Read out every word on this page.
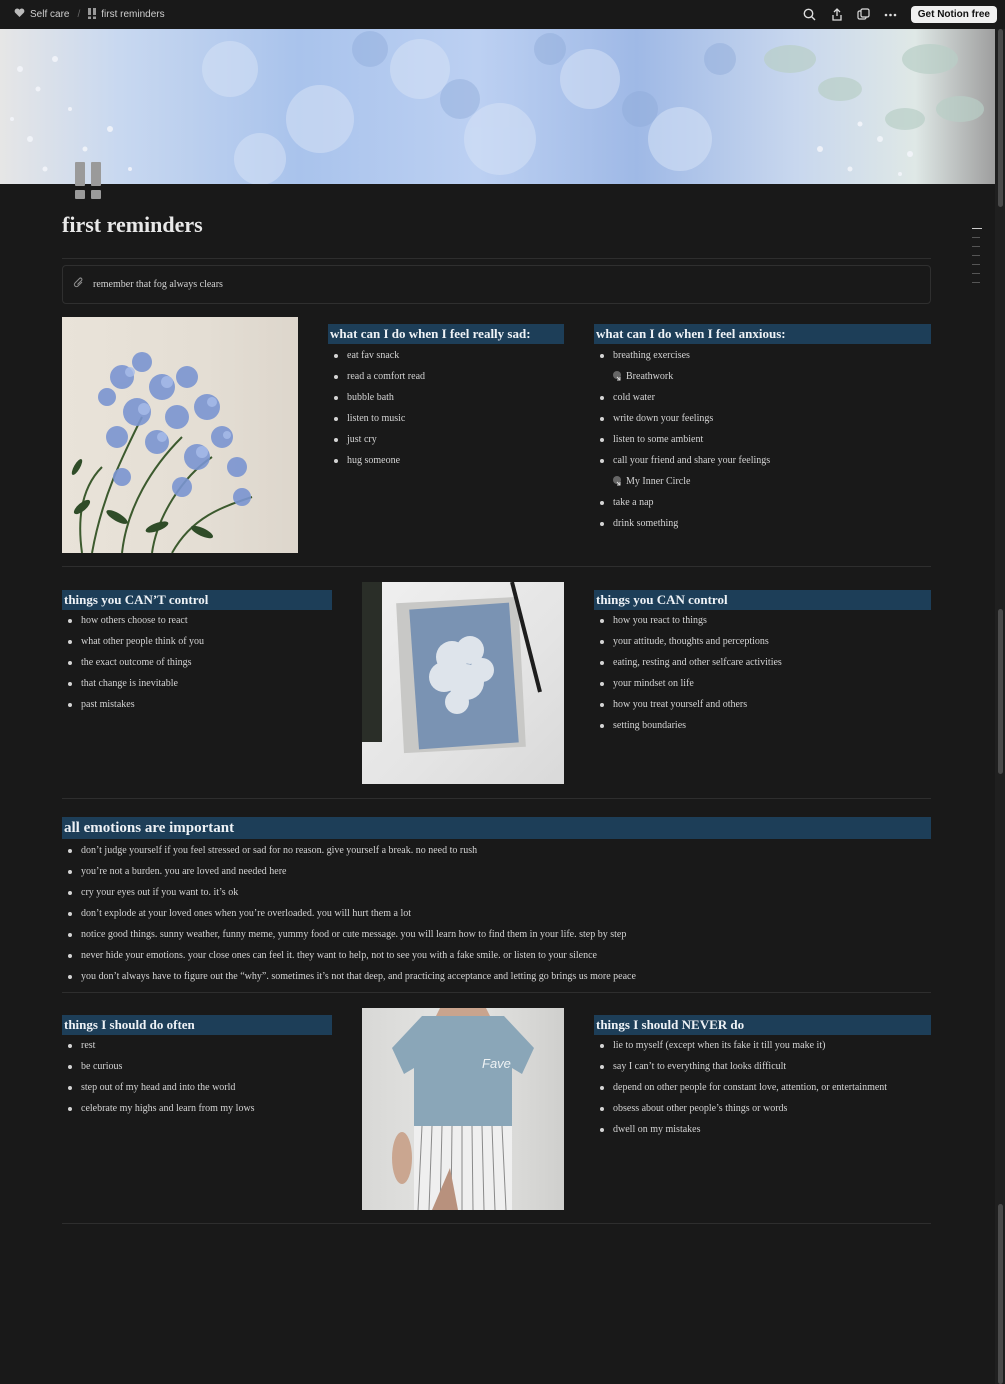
Self care / first reminders	Get Notion free
first reminders
remember that fog always clears
what can I do when I feel really sad:
eat fav snack
read a comfort read
bubble bath
listen to music
just cry
hug someone
what can I do when I feel anxious:
breathing exercises
Breathwork
cold water
write down your feelings
listen to some ambient
call your friend and share your feelings
My Inner Circle
take a nap
drink something
things you CAN’T control
how others choose to react
what other people think of you
the exact outcome of things
that change is inevitable
past mistakes
things you CAN control
how you react to things
your attitude, thoughts and perceptions
eating, resting and other selfcare activities
your mindset on life
how you treat yourself and others
setting boundaries
all emotions are important
don’t judge yourself if you feel stressed or sad for no reason. give yourself a break. no need to rush
you’re not a burden. you are loved and needed here
cry your eyes out if you want to. it’s ok
don’t explode at your loved ones when you’re overloaded. you will hurt them a lot
notice good things. sunny weather, funny meme, yummy food or cute message. you will learn how to find them in your life. step by step
never hide your emotions. your close ones can feel it. they want to help, not to see you with a fake smile. or listen to your silence
you don’t always have to figure out the “why”. sometimes it’s not that deep, and practicing acceptance and letting go brings us more peace
things I should do often
rest
be curious
step out of my head and into the world
celebrate my highs and learn from my lows
Fave
things I should NEVER do
lie to myself (except when its fake it till you make it)
say I can’t to everything that looks difficult
depend on other people for constant love, attention, or entertainment
obsess about other people’s things or words
dwell on my mistakes
